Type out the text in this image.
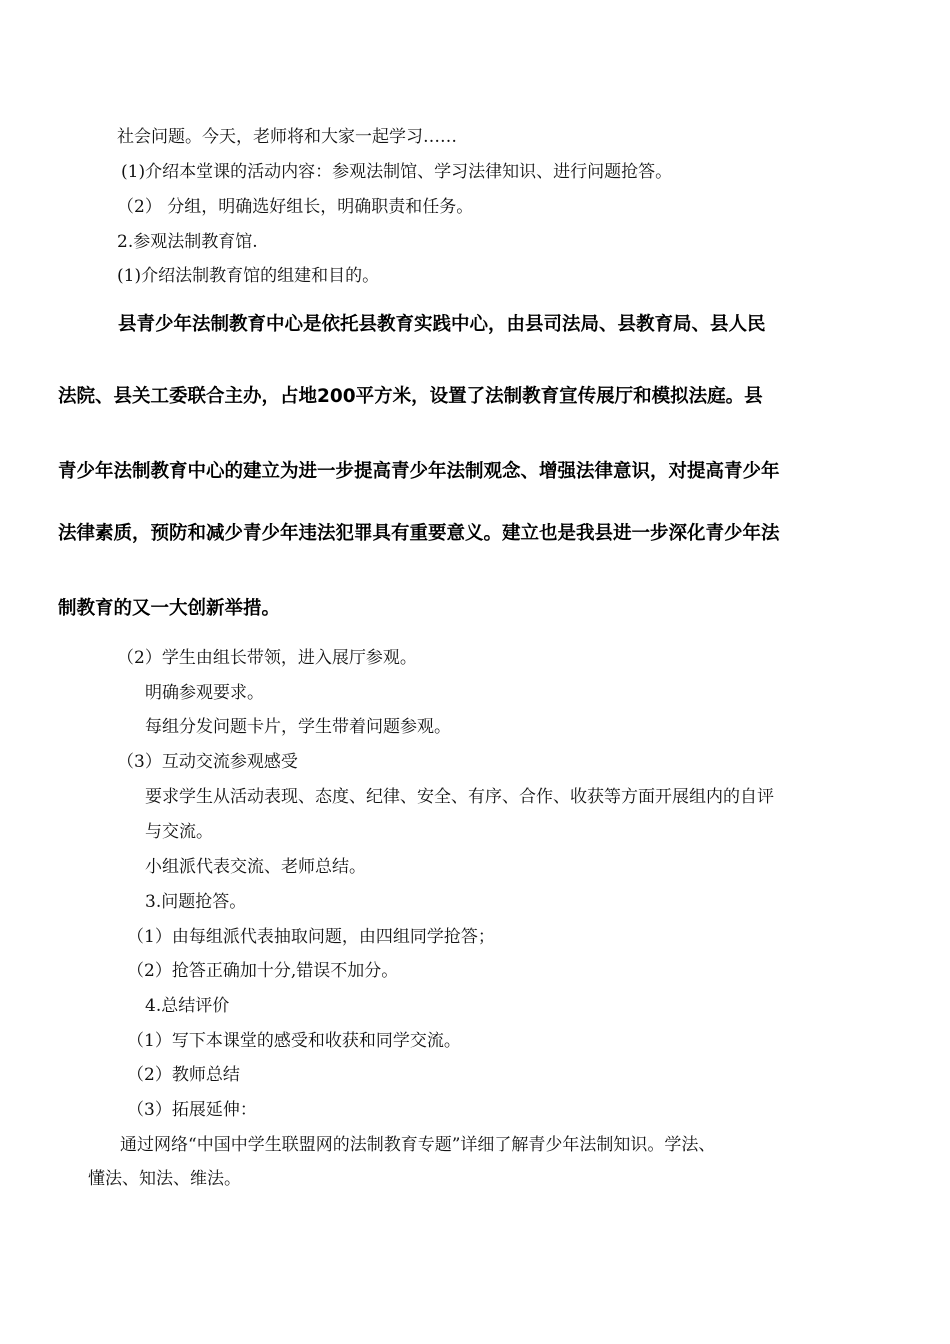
社会问题。今天，老师将和大家一起学习……
(1)介绍本堂课的活动内容：参观法制馆、学习法律知识、进行问题抢答。
（2） 分组，明确选好组长，明确职责和任务。
2.参观法制教育馆.
(1)介绍法制教育馆的组建和目的。
县青少年法制教育中心是依托县教育实践中心，由县司法局、县教育局、县人民
法院、县关工委联合主办，占地200平方米，设置了法制教育宣传展厅和模拟法庭。县
青少年法制教育中心的建立为进一步提高青少年法制观念、增强法律意识，对提高青少年
法律素质，预防和减少青少年违法犯罪具有重要意义。建立也是我县进一步深化青少年法
制教育的又一大创新举措。
（2）学生由组长带领，进入展厅参观。
明确参观要求。
每组分发问题卡片，学生带着问题参观。
（3）互动交流参观感受
要求学生从活动表现、态度、纪律、安全、有序、合作、收获等方面开展组内的自评
与交流。
小组派代表交流、老师总结。
3.问题抢答。
（1）由每组派代表抽取问题，由四组同学抢答；
（2）抢答正确加十分,错误不加分。
4.总结评价
（1）写下本课堂的感受和收获和同学交流。
（2）教师总结
（3）拓展延伸：
通过网络“中国中学生联盟网的法制教育专题”详细了解青少年法制知识。学法、
懂法、知法、维法。
